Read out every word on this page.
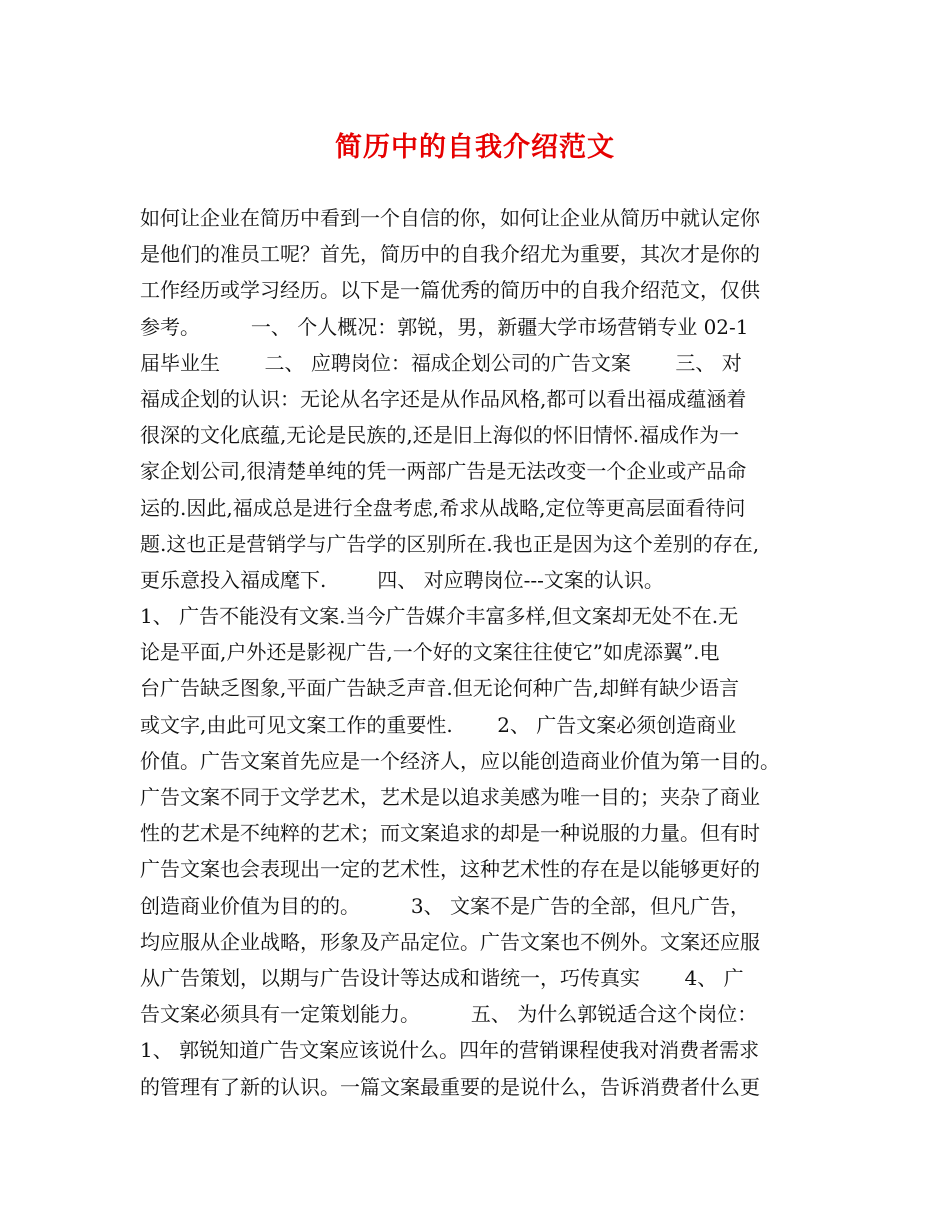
简历中的自我介绍范文
如何让企业在简历中看到一个自信的你，如何让企业从简历中就认定你
是他们的准员工呢？首先，简历中的自我介绍尤为重要，其次才是你的
工作经历或学习经历。以下是一篇优秀的简历中的自我介绍范文，仅供
参考。        一、 个人概况：郭锐，男，新疆大学市场营销专业 02-1
届毕业生       二、 应聘岗位：福成企划公司的广告文案       三、 对
福成企划的认识：无论从名字还是从作品风格,都可以看出福成蕴涵着
很深的文化底蕴,无论是民族的,还是旧上海似的怀旧情怀.福成作为一
家企划公司,很清楚单纯的凭一两部广告是无法改变一个企业或产品命
运的.因此,福成总是进行全盘考虑,希求从战略,定位等更高层面看待问
题.这也正是营销学与广告学的区别所在.我也正是因为这个差别的存在,
更乐意投入福成麾下.        四、 对应聘岗位---文案的认识。
1、 广告不能没有文案.当今广告媒介丰富多样,但文案却无处不在.无
论是平面,户外还是影视广告,一个好的文案往往使它”如虎添翼”.电
台广告缺乏图象,平面广告缺乏声音.但无论何种广告,却鲜有缺少语言
或文字,由此可见文案工作的重要性.       2、 广告文案必须创造商业
价值。广告文案首先应是一个经济人，应以能创造商业价值为第一目的。
广告文案不同于文学艺术，艺术是以追求美感为唯一目的；夹杂了商业
性的艺术是不纯粹的艺术；而文案追求的却是一种说服的力量。但有时
广告文案也会表现出一定的艺术性，这种艺术性的存在是以能够更好的
创造商业价值为目的的。        3、 文案不是广告的全部，但凡广告，
均应服从企业战略，形象及产品定位。广告文案也不例外。文案还应服
从广告策划，以期与广告设计等达成和谐统一，巧传真实       4、 广
告文案必须具有一定策划能力。        五、 为什么郭锐适合这个岗位：
1、 郭锐知道广告文案应该说什么。四年的营销课程使我对消费者需求
的管理有了新的认识。一篇文案最重要的是说什么，告诉消费者什么更
